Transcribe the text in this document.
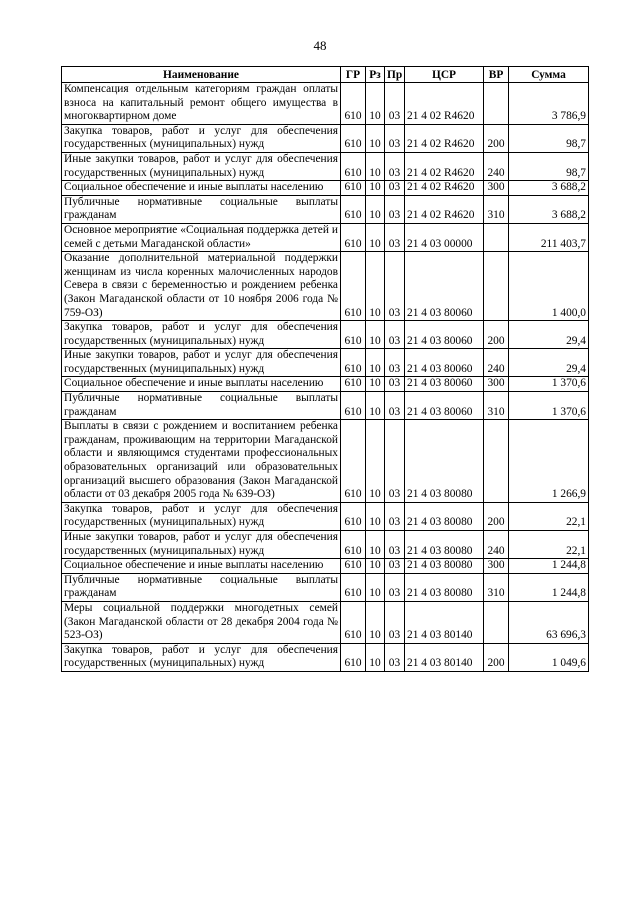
48
Наименование	ГР	Рз	Пр	ЦСР	ВР	Сумма
Компенсация отдельным категориям граждан оплаты взноса на капитальный ремонт общего имущества в многоквартирном доме	610	10	03	21 4 02 R4620		3 786,9
Закупка товаров, работ и услуг для обеспечения государственных (муниципальных) нужд	610	10	03	21 4 02 R4620	200	98,7
Иные закупки товаров, работ и услуг для обеспечения государственных (муниципальных) нужд	610	10	03	21 4 02 R4620	240	98,7
Социальное обеспечение и иные выплаты населению	610	10	03	21 4 02 R4620	300	3 688,2
Публичные нормативные социальные выплаты гражданам	610	10	03	21 4 02 R4620	310	3 688,2
Основное мероприятие «Социальная поддержка детей и семей с детьми Магаданской области»	610	10	03	21 4 03 00000		211 403,7
Оказание дополнительной материальной поддержки женщинам из числа коренных малочисленных народов Севера в связи с беременностью и рождением ребенка (Закон Магаданской области от 10 ноября 2006 года № 759-ОЗ)	610	10	03	21 4 03 80060		1 400,0
Закупка товаров, работ и услуг для обеспечения государственных (муниципальных) нужд	610	10	03	21 4 03 80060	200	29,4
Иные закупки товаров, работ и услуг для обеспечения государственных (муниципальных) нужд	610	10	03	21 4 03 80060	240	29,4
Социальное обеспечение и иные выплаты населению	610	10	03	21 4 03 80060	300	1 370,6
Публичные нормативные социальные выплаты гражданам	610	10	03	21 4 03 80060	310	1 370,6
Выплаты в связи с рождением и воспитанием ребенка гражданам, проживающим на территории Магаданской области и являющимся студентами профессиональных образовательных организаций или образовательных организаций высшего образования (Закон Магаданской области от 03 декабря 2005 года № 639-ОЗ)	610	10	03	21 4 03 80080		1 266,9
Закупка товаров, работ и услуг для обеспечения государственных (муниципальных) нужд	610	10	03	21 4 03 80080	200	22,1
Иные закупки товаров, работ и услуг для обеспечения государственных (муниципальных) нужд	610	10	03	21 4 03 80080	240	22,1
Социальное обеспечение и иные выплаты населению	610	10	03	21 4 03 80080	300	1 244,8
Публичные нормативные социальные выплаты гражданам	610	10	03	21 4 03 80080	310	1 244,8
Меры социальной поддержки многодетных семей (Закон Магаданской области от 28 декабря 2004 года № 523-ОЗ)	610	10	03	21 4 03 80140		63 696,3
Закупка товаров, работ и услуг для обеспечения государственных (муниципальных) нужд	610	10	03	21 4 03 80140	200	1 049,6
